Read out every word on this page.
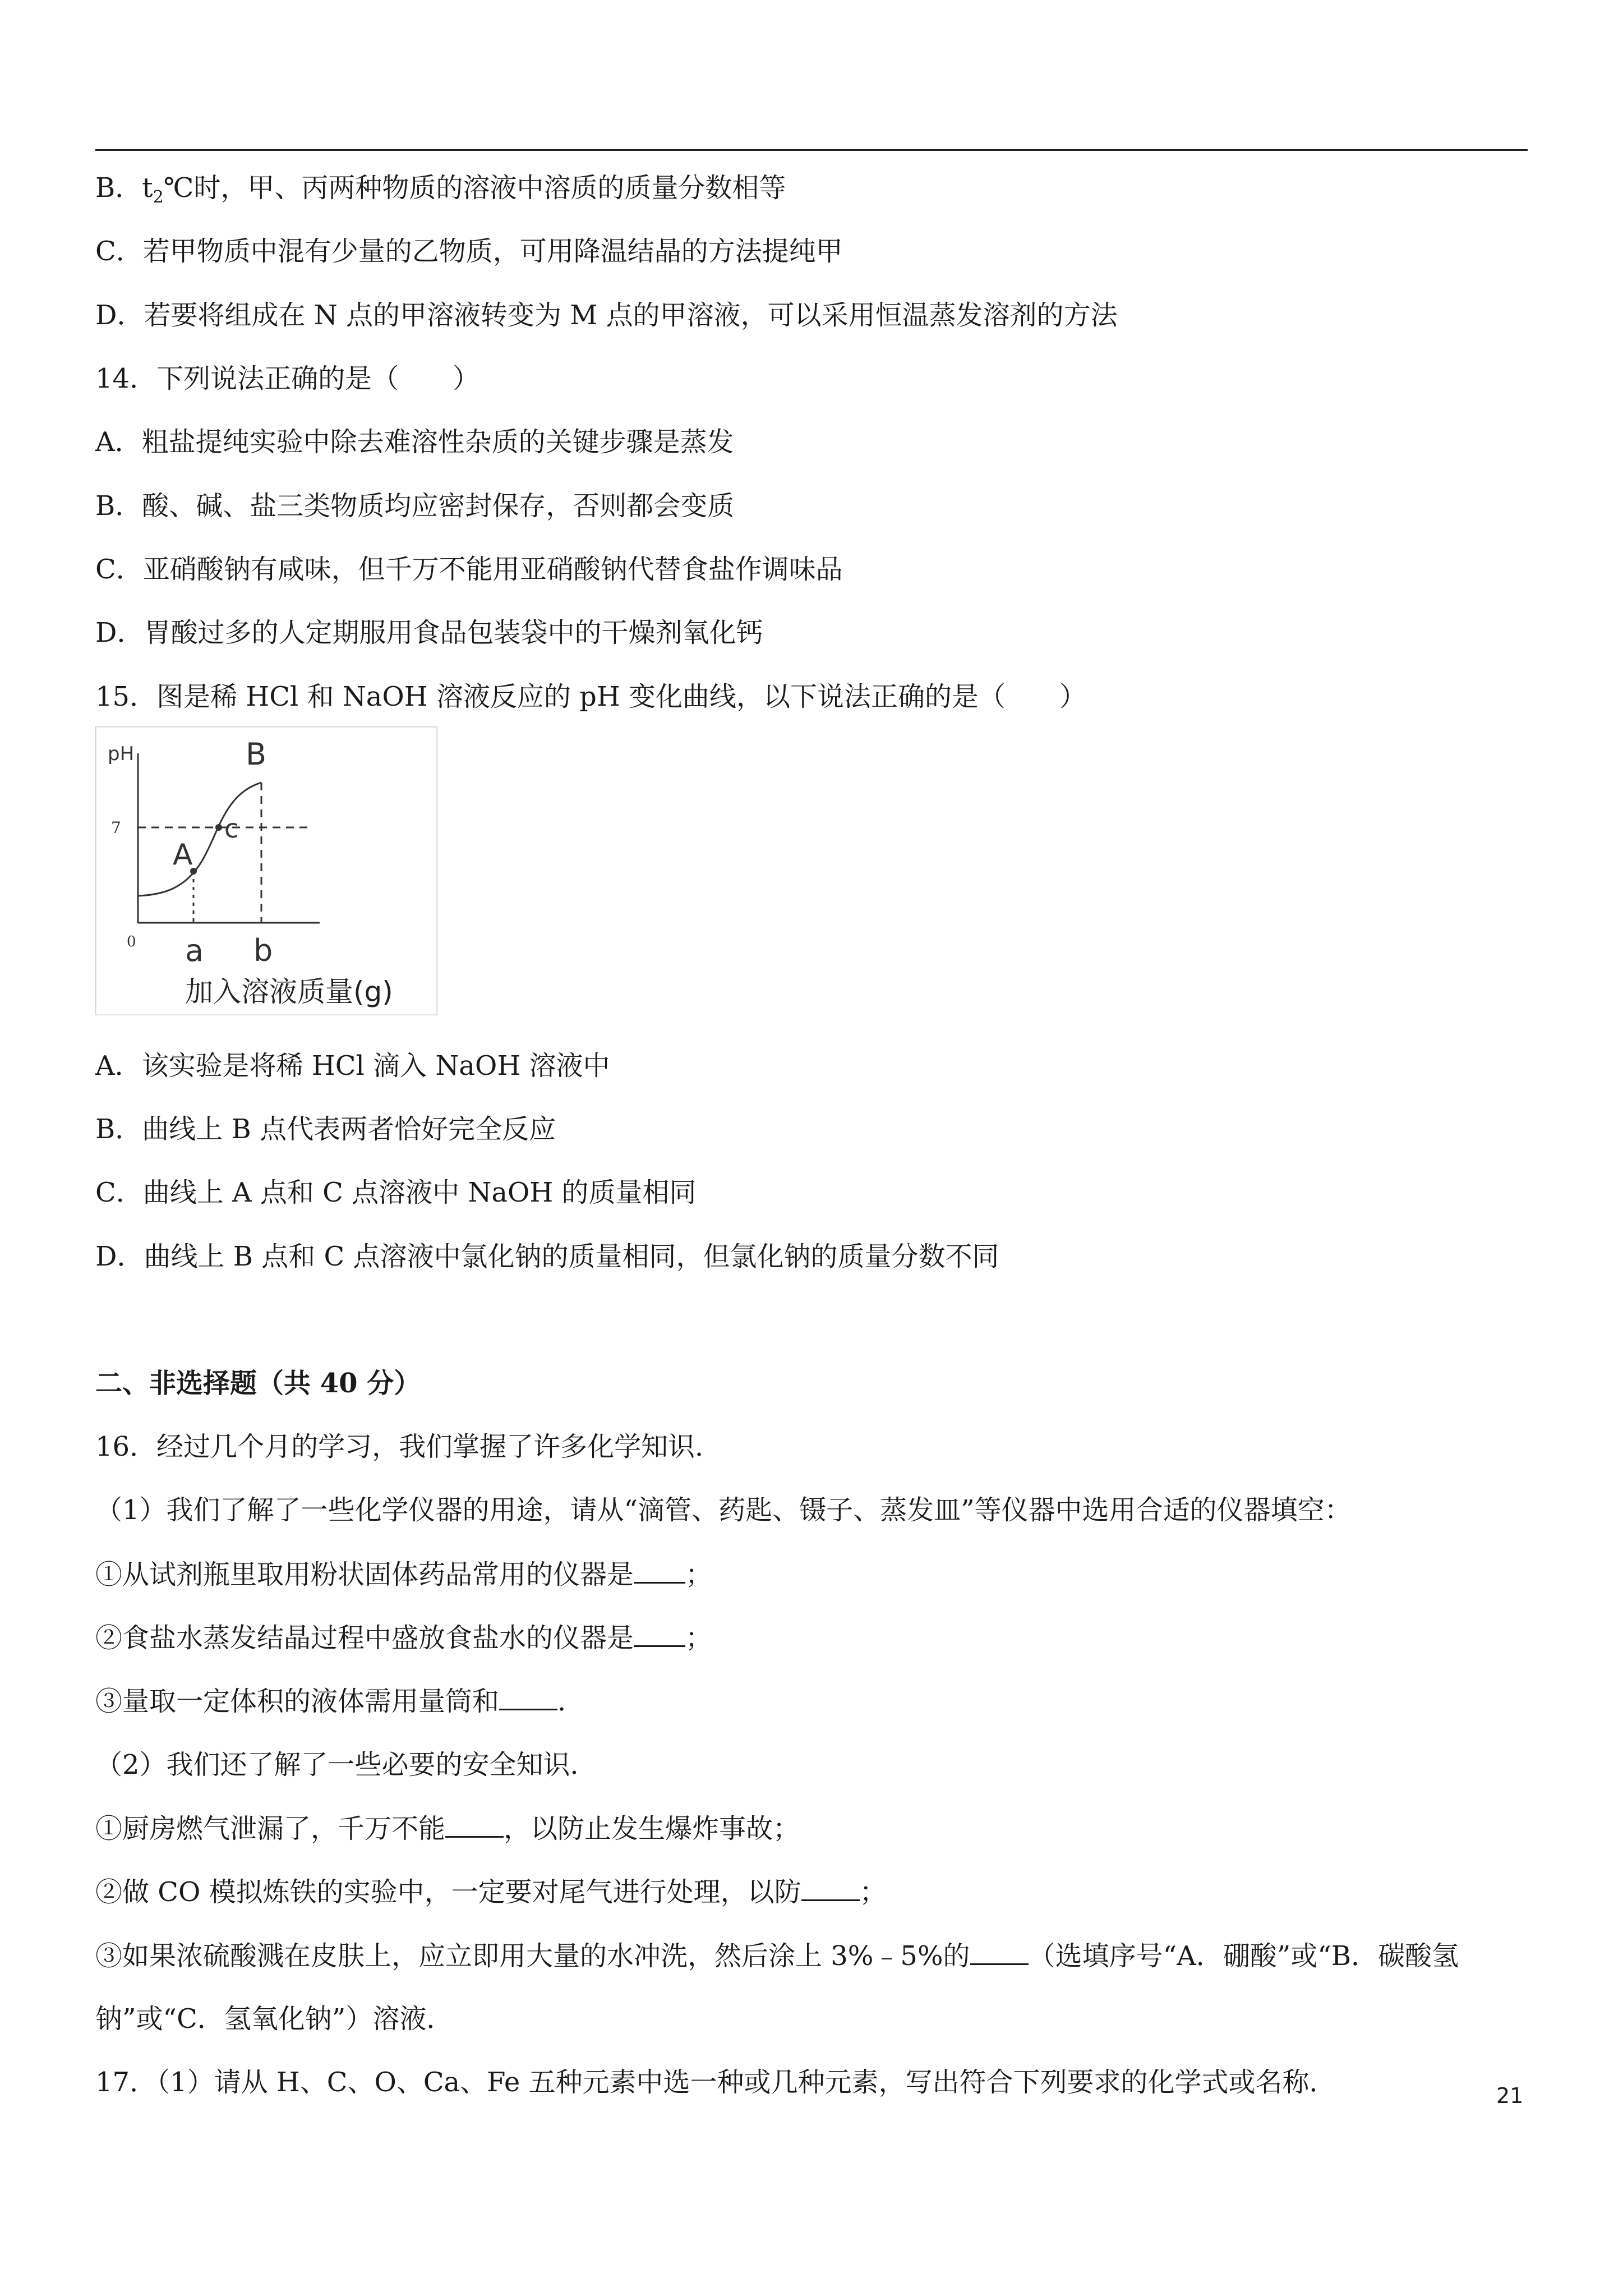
B．$t_2℃$时，甲、丙两种物质的溶液中溶质的质量分数相等
C．若甲物质中混有少量的乙物质，可用降温结晶的方法提纯甲
D．若要将组成在 N 点的甲溶液转变为 M 点的甲溶液，可以采用恒温蒸发溶剂的方法
14．下列说法正确的是（　　）
A．粗盐提纯实验中除去难溶性杂质的关键步骤是蒸发
B．酸、碱、盐三类物质均应密封保存，否则都会变质
C．亚硝酸钠有咸味，但千万不能用亚硝酸钠代替食盐作调味品
D．胃酸过多的人定期服用食品包装袋中的干燥剂氧化钙
15．图是稀 HCl 和 NaOH 溶液反应的 pH 变化曲线，以下说法正确的是（　　）
pH
7
0
B
A
c
a b
加入溶液质量(g)
A．该实验是将稀 HCl 滴入 NaOH 溶液中
B．曲线上 B 点代表两者恰好完全反应
C．曲线上 A 点和 C 点溶液中 NaOH 的质量相同
D．曲线上 B 点和 C 点溶液中氯化钠的质量相同，但氯化钠的质量分数不同
二、非选择题（共 40 分）
16．经过几个月的学习，我们掌握了许多化学知识．
（1）我们了解了一些化学仪器的用途，请从“滴管、药匙、镊子、蒸发皿”等仪器中选用合适的仪器填空：
①从试剂瓶里取用粉状固体药品常用的仪器是 ；
②食盐水蒸发结晶过程中盛放食盐水的仪器是 ；
③量取一定体积的液体需用量筒和 ．
（2）我们还了解了一些必要的安全知识．
①厨房燃气泄漏了，千万不能 ，以防止发生爆炸事故；
②做 CO 模拟炼铁的实验中，一定要对尾气进行处理，以防 ；
③如果浓硫酸溅在皮肤上，应立即用大量的水冲洗，然后涂上 3%﹣5%的 （选填序号“A．硼酸”或“B．碳酸氢
钠”或“C．氢氧化钠”）溶液．
17．（1）请从 H、C、O、Ca、Fe 五种元素中选一种或几种元素，写出符合下列要求的化学式或名称．	21
